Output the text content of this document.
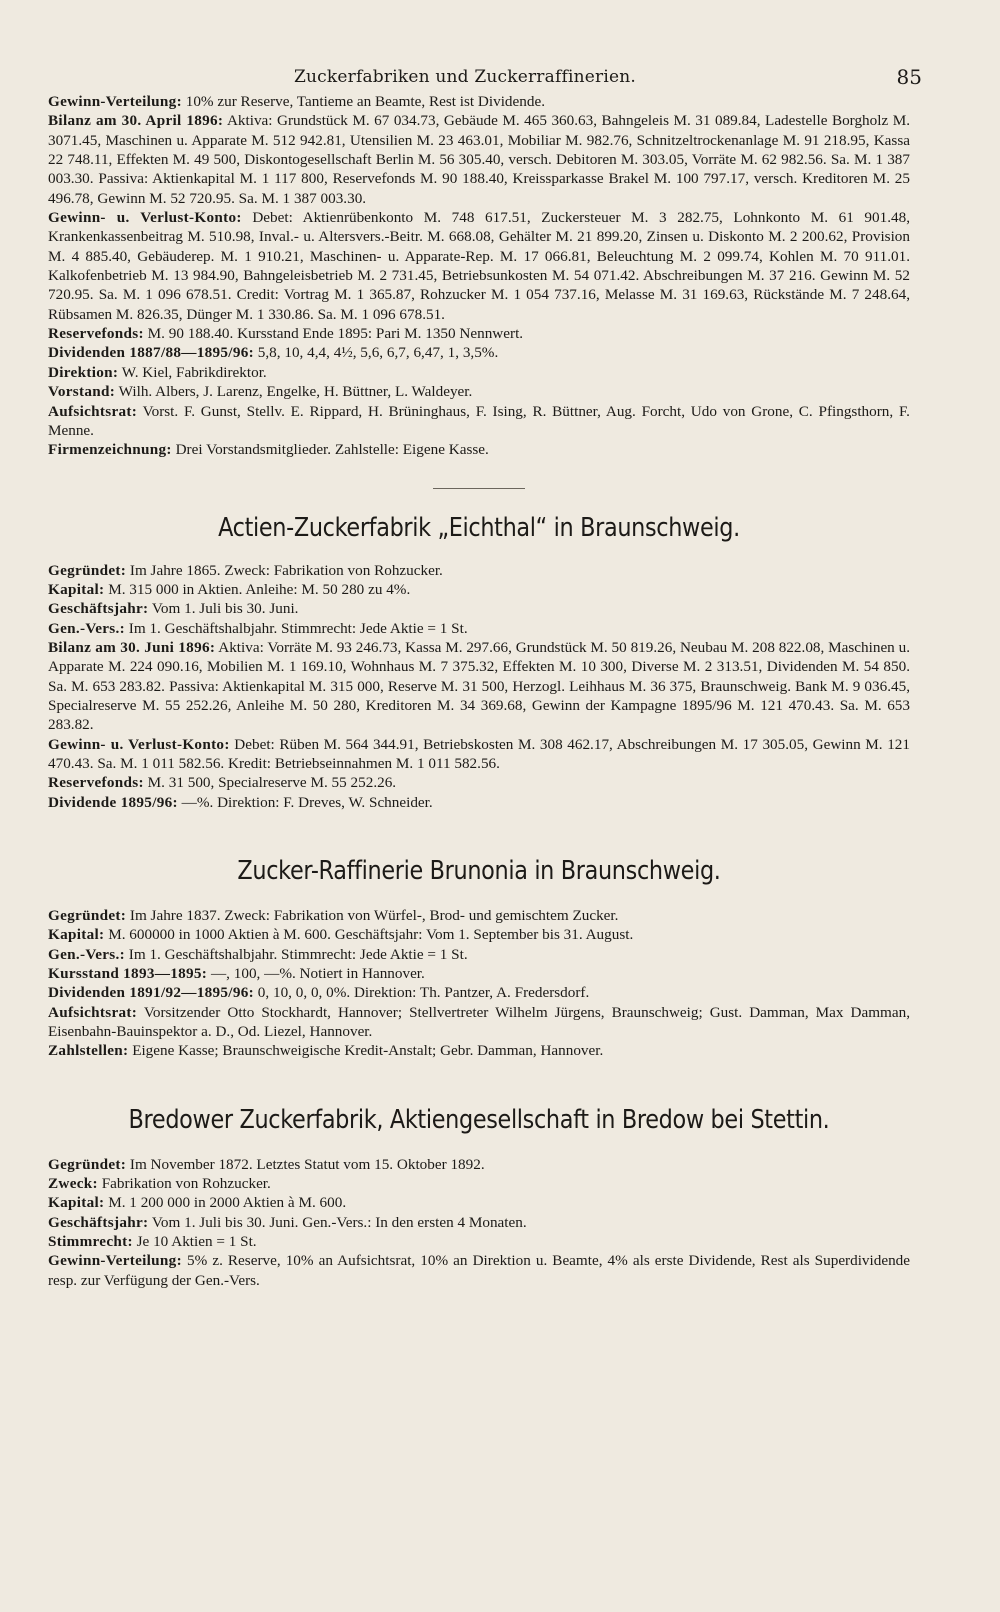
Zuckerfabriken und Zuckerraffinerien.	85
Gewinn-Verteilung: 10% zur Reserve, Tantieme an Beamte, Rest ist Dividende.
Bilanz am 30. April 1896: Aktiva: Grundstück M. 67 034.73, Gebäude M. 465 360.63, Bahngeleis M. 31 089.84, Ladestelle Borgholz M. 3071.45, Maschinen u. Apparate M. 512 942.81, Utensilien M. 23 463.01, Mobiliar M. 982.76, Schnitzeltrockenanlage M. 91 218.95, Kassa 22 748.11, Effekten M. 49 500, Diskontogesellschaft Berlin M. 56 305.40, versch. Debitoren M. 303.05, Vorräte M. 62 982.56. Sa. M. 1 387 003.30. Passiva: Aktienkapital M. 1 117 800, Reservefonds M. 90 188.40, Kreissparkasse Brakel M. 100 797.17, versch. Kreditoren M. 25 496.78, Gewinn M. 52 720.95. Sa. M. 1 387 003.30.
Gewinn- u. Verlust-Konto: Debet: Aktienrübenkonto M. 748 617.51, Zuckersteuer M. 3 282.75, Lohnkonto M. 61 901.48, Krankenkassenbeitrag M. 510.98, Inval.- u. Altersvers.-Beitr. M. 668.08, Gehälter M. 21 899.20, Zinsen u. Diskonto M. 2 200.62, Provision M. 4 885.40, Gebäuderep. M. 1 910.21, Maschinen- u. Apparate-Rep. M. 17 066.81, Beleuchtung M. 2 099.74, Kohlen M. 70 911.01. Kalkofenbetrieb M. 13 984.90, Bahngeleisbetrieb M. 2 731.45, Betriebsunkosten M. 54 071.42. Abschreibungen M. 37 216. Gewinn M. 52 720.95. Sa. M. 1 096 678.51. Credit: Vortrag M. 1 365.87, Rohzucker M. 1 054 737.16, Melasse M. 31 169.63, Rückstände M. 7 248.64, Rübsamen M. 826.35, Dünger M. 1 330.86. Sa. M. 1 096 678.51.
Reservefonds: M. 90 188.40. Kursstand Ende 1895: Pari M. 1350 Nennwert.
Dividenden 1887/88—1895/96: 5,8, 10, 4,4, 4½, 5,6, 6,7, 6,47, 1, 3,5%.
Direktion: W. Kiel, Fabrikdirektor.
Vorstand: Wilh. Albers, J. Larenz, Engelke, H. Büttner, L. Waldeyer.
Aufsichtsrat: Vorst. F. Gunst, Stellv. E. Rippard, H. Brüninghaus, F. Ising, R. Büttner, Aug. Forcht, Udo von Grone, C. Pfingsthorn, F. Menne.
Firmenzeichnung: Drei Vorstandsmitglieder. Zahlstelle: Eigene Kasse.
Actien-Zuckerfabrik „Eichthal“ in Braunschweig.
Gegründet: Im Jahre 1865. Zweck: Fabrikation von Rohzucker.
Kapital: M. 315 000 in Aktien. Anleihe: M. 50 280 zu 4%.
Geschäftsjahr: Vom 1. Juli bis 30. Juni.
Gen.-Vers.: Im 1. Geschäftshalbjahr. Stimmrecht: Jede Aktie = 1 St.
Bilanz am 30. Juni 1896: Aktiva: Vorräte M. 93 246.73, Kassa M. 297.66, Grundstück M. 50 819.26, Neubau M. 208 822.08, Maschinen u. Apparate M. 224 090.16, Mobilien M. 1 169.10, Wohnhaus M. 7 375.32, Effekten M. 10 300, Diverse M. 2 313.51, Dividenden M. 54 850. Sa. M. 653 283.82. Passiva: Aktienkapital M. 315 000, Reserve M. 31 500, Herzogl. Leihhaus M. 36 375, Braunschweig. Bank M. 9 036.45, Specialreserve M. 55 252.26, Anleihe M. 50 280, Kreditoren M. 34 369.68, Gewinn der Kampagne 1895/96 M. 121 470.43. Sa. M. 653 283.82.
Gewinn- u. Verlust-Konto: Debet: Rüben M. 564 344.91, Betriebskosten M. 308 462.17, Abschreibungen M. 17 305.05, Gewinn M. 121 470.43. Sa. M. 1 011 582.56. Kredit: Betriebseinnahmen M. 1 011 582.56.
Reservefonds: M. 31 500, Specialreserve M. 55 252.26.
Dividende 1895/96: —%. Direktion: F. Dreves, W. Schneider.
Zucker-Raffinerie Brunonia in Braunschweig.
Gegründet: Im Jahre 1837. Zweck: Fabrikation von Würfel-, Brod- und gemischtem Zucker.
Kapital: M. 600000 in 1000 Aktien à M. 600. Geschäftsjahr: Vom 1. September bis 31. August.
Gen.-Vers.: Im 1. Geschäftshalbjahr. Stimmrecht: Jede Aktie = 1 St.
Kursstand 1893—1895: —, 100, —%. Notiert in Hannover.
Dividenden 1891/92—1895/96: 0, 10, 0, 0, 0%. Direktion: Th. Pantzer, A. Fredersdorf.
Aufsichtsrat: Vorsitzender Otto Stockhardt, Hannover; Stellvertreter Wilhelm Jürgens, Braunschweig; Gust. Damman, Max Damman, Eisenbahn-Bauinspektor a. D., Od. Liezel, Hannover.
Zahlstellen: Eigene Kasse; Braunschweigische Kredit-Anstalt; Gebr. Damman, Hannover.
Bredower Zuckerfabrik, Aktiengesellschaft in Bredow bei Stettin.
Gegründet: Im November 1872. Letztes Statut vom 15. Oktober 1892.
Zweck: Fabrikation von Rohzucker.
Kapital: M. 1 200 000 in 2000 Aktien à M. 600.
Geschäftsjahr: Vom 1. Juli bis 30. Juni. Gen.-Vers.: In den ersten 4 Monaten.
Stimmrecht: Je 10 Aktien = 1 St.
Gewinn-Verteilung: 5% z. Reserve, 10% an Aufsichtsrat, 10% an Direktion u. Beamte, 4% als erste Dividende, Rest als Superdividende resp. zur Verfügung der Gen.-Vers.
